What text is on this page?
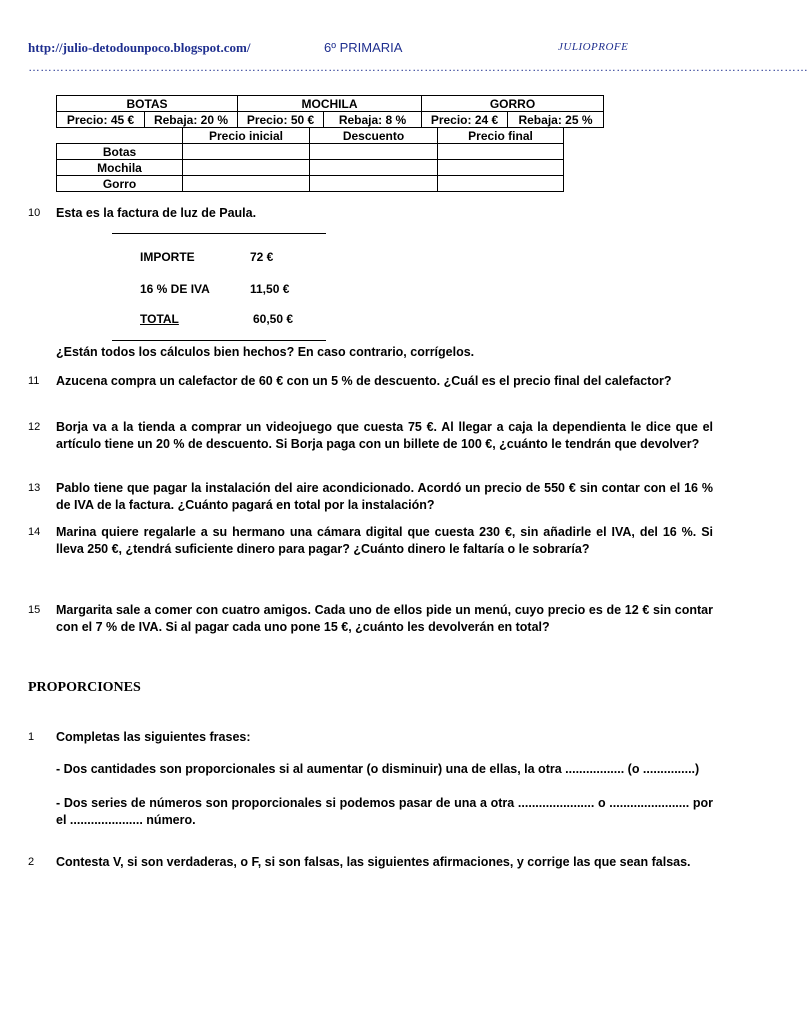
http://julio-detodounpoco.blogspot.com/	6º PRIMARIA	JULIOPROFE
……………………………………………………………………………………………………………………………………………………………………………
BOTAS		MOCHILA		GORRO	
Precio: 45 €	Rebaja: 20 %	Precio: 50 €	Rebaja: 8 %	Precio: 24 €	Rebaja: 25 %
	Precio inicial	Descuento	Precio final
Botas			
Mochila			
Gorro			
10 Esta es la factura de luz de Paula.
IMPORTE	72 €
16 % DE IVA	11,50 €
TOTAL	60,50 €
¿Están todos los cálculos bien hechos? En caso contrario, corrígelos.
11 Azucena compra un calefactor de 60 € con un 5 % de descuento. ¿Cuál es el precio final del calefactor?
12 Borja va a la tienda a comprar un videojuego que cuesta 75 €. Al llegar a caja la dependienta le dice que el artículo tiene un 20 % de descuento. Si Borja paga con un billete de 100 €, ¿cuánto le tendrán que devolver?
13 Pablo tiene que pagar la instalación del aire acondicionado. Acordó un precio de 550 € sin contar con el 16 % de IVA de la factura. ¿Cuánto pagará en total por la instalación?
14 Marina quiere regalarle a su hermano una cámara digital que cuesta 230 €, sin añadirle el IVA, del 16 %. Si lleva 250 €, ¿tendrá suficiente dinero para pagar? ¿Cuánto dinero le faltaría o le sobraría?
15 Margarita sale a comer con cuatro amigos. Cada uno de ellos pide un menú, cuyo precio es de 12 € sin contar con el 7 % de IVA. Si al pagar cada uno pone 15 €, ¿cuánto les devolverán en total?
PROPORCIONES
1 Completas las siguientes frases:
- Dos cantidades son proporcionales si al aumentar (o disminuir) una de ellas, la otra ................. (o ...............)
- Dos series de números son proporcionales si podemos pasar de una a otra ...................... o ....................... por el ..................... número.
2 Contesta V, si son verdaderas, o F, si son falsas, las siguientes afirmaciones, y corrige las que sean falsas.
